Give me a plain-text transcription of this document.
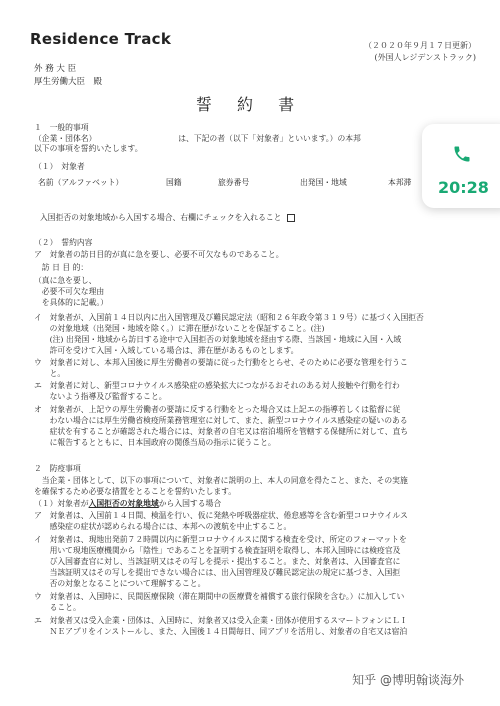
Residence Track	（２０２０年９月１７日更新）
(外国人レジデンストラック)
外 務 大 臣
厚生労働大臣　殿
誓 約 書
１　一般的事項
（企業・団体名）　　　　　　　　　　　は、下記の者（以下「対象者」といいます。）の本邦
以下の事項を誓約いたします。
（１）　対象者
名前（アルファベット）	国籍	旅券番号	出発国・地域	本邦滞
入国拒否の対象地域から入国する場合、右欄にチェックを入れること
（２）　誓約内容
ア　対象者の訪日目的が真に急を要し、必要不可欠なものであること。
　訪 日 目 的：
（真に急を要し、
　必要不可欠な理由
　を具体的に記載。）
イ　対象者が、入国前１４日以内に出入国管理及び難民認定法（昭和２６年政令第３１９号）に基づく入国拒否
　　の対象地域（出発国・地域を除く。）に滞在歴がないことを保証すること。(注)
　　(注) 出発国・地域から訪日する途中で入国拒否の対象地域を経由する際、当該国・地域に入国・入域
　　許可を受けて入国・入域している場合は、滞在歴があるものとします。
ウ　対象者に対し、本邦入国後に厚生労働者の要請に従った行動をとらせ、そのために必要な管理を行うこ
　　と。
エ　対象者に対し、新型コロナウイルス感染症の感染拡大につながるおそれのある対人接触や行動を行わ
　　ないよう指導及び監督すること。
オ　対象者が、上記ウの厚生労働者の要請に反する行動をとった場合又は上記エの指導若しくは監督に従
　　わない場合には厚生労働省検疫所業務管理室に対して、また、新型コロナウイルス感染症の疑いのある
　　症状を有することが確認された場合には、対象者の自宅又は宿泊場所を管轄する保健所に対して、直ち
　　に報告するとともに、日本国政府の関係当局の指示に従うこと。
２　防疫事項
　当企業・団体として、以下の事項について、対象者に説明の上、本人の同意を得たこと、また、その実施
を確保するため必要な措置をとることを誓約いたします。
（１）対象者が入国拒否の対象地域から入国する場合
ア　対象者は、入国前１４日間、検温を行い、仮に発熱や呼吸器症状、倦怠感等を含む新型コロナウイルス
　　感染症の症状が認められる場合には、本邦への渡航を中止すること。
イ　対象者は、現地出発前７２時間以内に新型コロナウイルスに関する検査を受け、所定のフォーマットを
　　用いて現地医療機関から「陰性」であることを証明する検査証明を取得し、本邦入国時には検疫官及
　　び入国審査官に対し、当該証明又はその写しを提示・提出すること。また、対象者は、入国審査官に
　　当該証明又はその写しを提出できない場合には、出入国管理及び難民認定法の規定に基づき、入国拒
　　否の対象となることについて理解すること。
ウ　対象者は、入国時に、民間医療保険（滞在期間中の医療費を補償する旅行保険を含む。）に加入してい
　　ること。
エ　対象者又は受入企業・団体は、入国時に、対象者又は受入企業・団体が使用するスマートフォンにＬＩ
　　ＮＥアプリをインストールし、また、入国後１４日間毎日、同アプリを活用し、対象者の自宅又は宿泊
20:28
知乎 @博明翰谈海外
